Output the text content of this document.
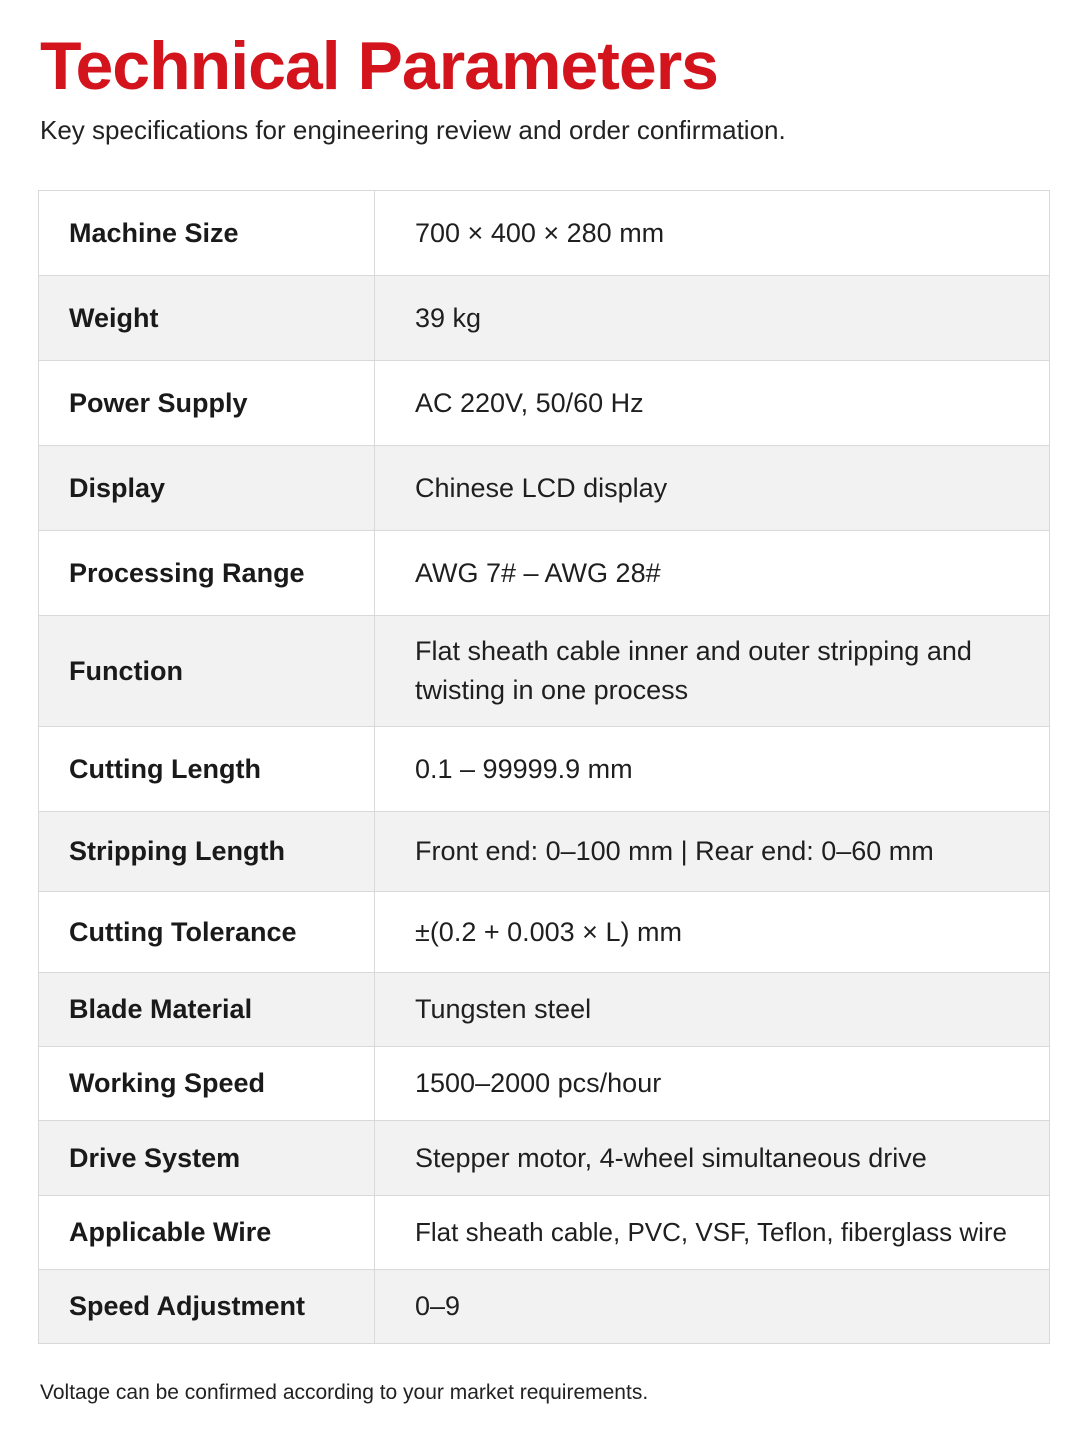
Technical Parameters

Key specifications for engineering review and order confirmation.

Machine Size	700 × 400 × 280 mm
Weight	39 kg
Power Supply	AC 220V, 50/60 Hz
Display	Chinese LCD display
Processing Range	AWG 7# – AWG 28#
Function	Flat sheath cable inner and outer stripping and twisting in one process
Cutting Length	0.1 – 99999.9 mm
Stripping Length	Front end: 0–100 mm | Rear end: 0–60 mm
Cutting Tolerance	±(0.2 + 0.003 × L) mm
Blade Material	Tungsten steel
Working Speed	1500–2000 pcs/hour
Drive System	Stepper motor, 4-wheel simultaneous drive
Applicable Wire	Flat sheath cable, PVC, VSF, Teflon, fiberglass wire
Speed Adjustment	0–9

Voltage can be confirmed according to your market requirements.
